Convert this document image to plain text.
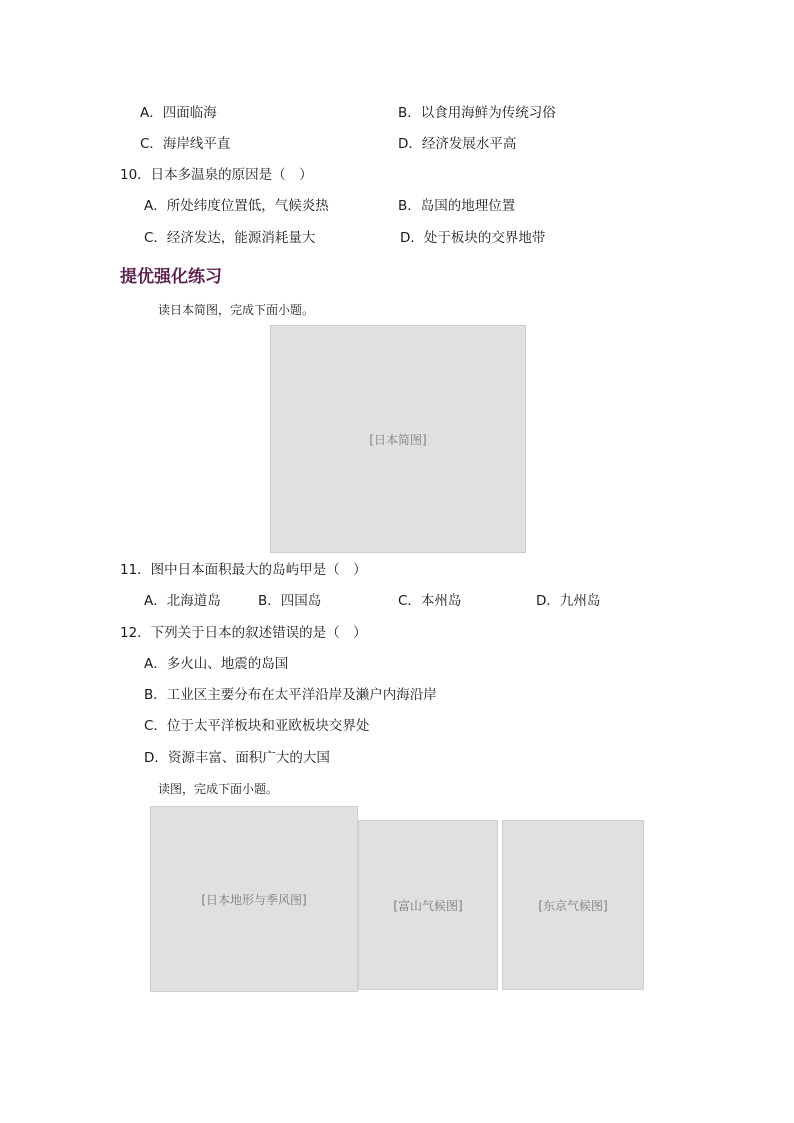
A．四面临海	B．以食用海鲜为传统习俗
C．海岸线平直	D．经济发展水平高
10．日本多温泉的原因是（　）
A．所处纬度位置低，气候炎热	B．岛国的地理位置
C．经济发达，能源消耗量大	D．处于板块的交界地带
提优强化练习
读日本简图，完成下面小题。
[日本简图]
11．图中日本面积最大的岛屿甲是（　）
A．北海道岛	B．四国岛	C．本州岛	D．九州岛
12．下列关于日本的叙述错误的是（　）
A．多火山、地震的岛国
B．工业区主要分布在太平洋沿岸及濑户内海沿岸
C．位于太平洋板块和亚欧板块交界处
D．资源丰富、面积广大的大国
读图，完成下面小题。
[日本地形与季风图]	[富山气候图]	[东京气候图]
